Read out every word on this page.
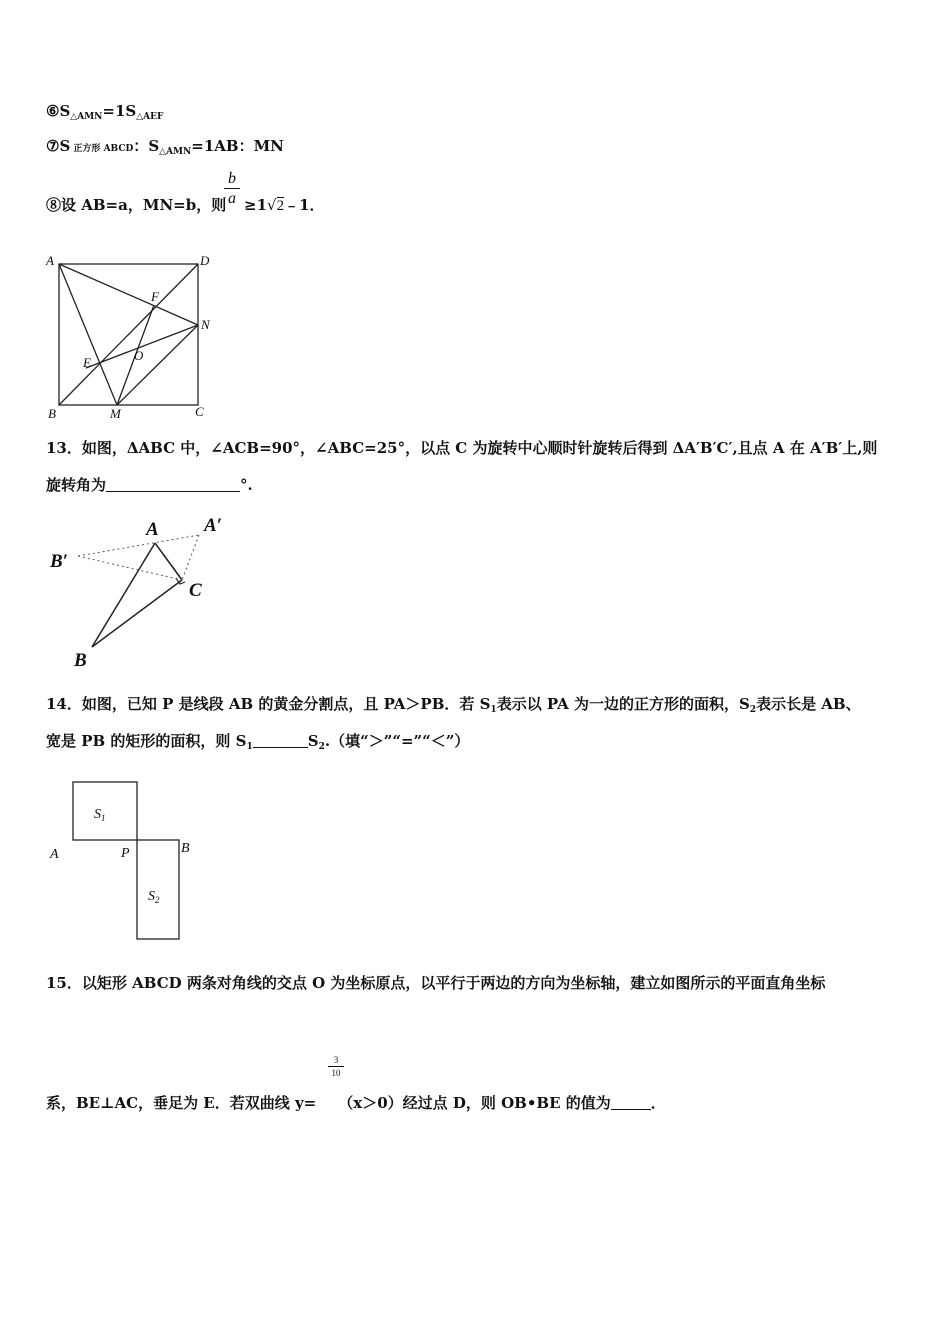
$⑥S_{\triangle AMN}=1S_{\triangle AEF}$
⑦S 正方形 ABCD：$S_{\triangle AMN}=1AB$：MN
⑧设 AB=a，MN=b，则
$\frac{b}{a}$ ≥1√2﹣1．
A	D
F
N
E	O
B	M	C
13．如图，ΔABC 中，∠ACB=90°，∠ABC=25°，以点 C 为旋转中心顺时针旋转后得到 ΔA′B′C′,且点 A 在 A′B′上,则
旋转角为	°.
A A′
B′
C
B
14．如图，已知 P 是线段 AB 的黄金分割点，且 PA＞PB．若 $S_1$表示以 PA 为一边的正方形的面积，$S_2$表示长是 AB、
宽是 PB 的矩形的面积，则 $S_1$	$S_2$.（填“＞”“=”“＜”）
$S_1$
$S_2$
A	P	B
15．以矩形 ABCD 两条对角线的交点 O 为坐标原点，以平行于两边的方向为坐标轴，建立如图所示的平面直角坐标
$\frac{3}{10}$
系，BE⊥AC，垂足为 E．若双曲线 y= （x＞0）经过点 D，则 OB•BE 的值为	．
